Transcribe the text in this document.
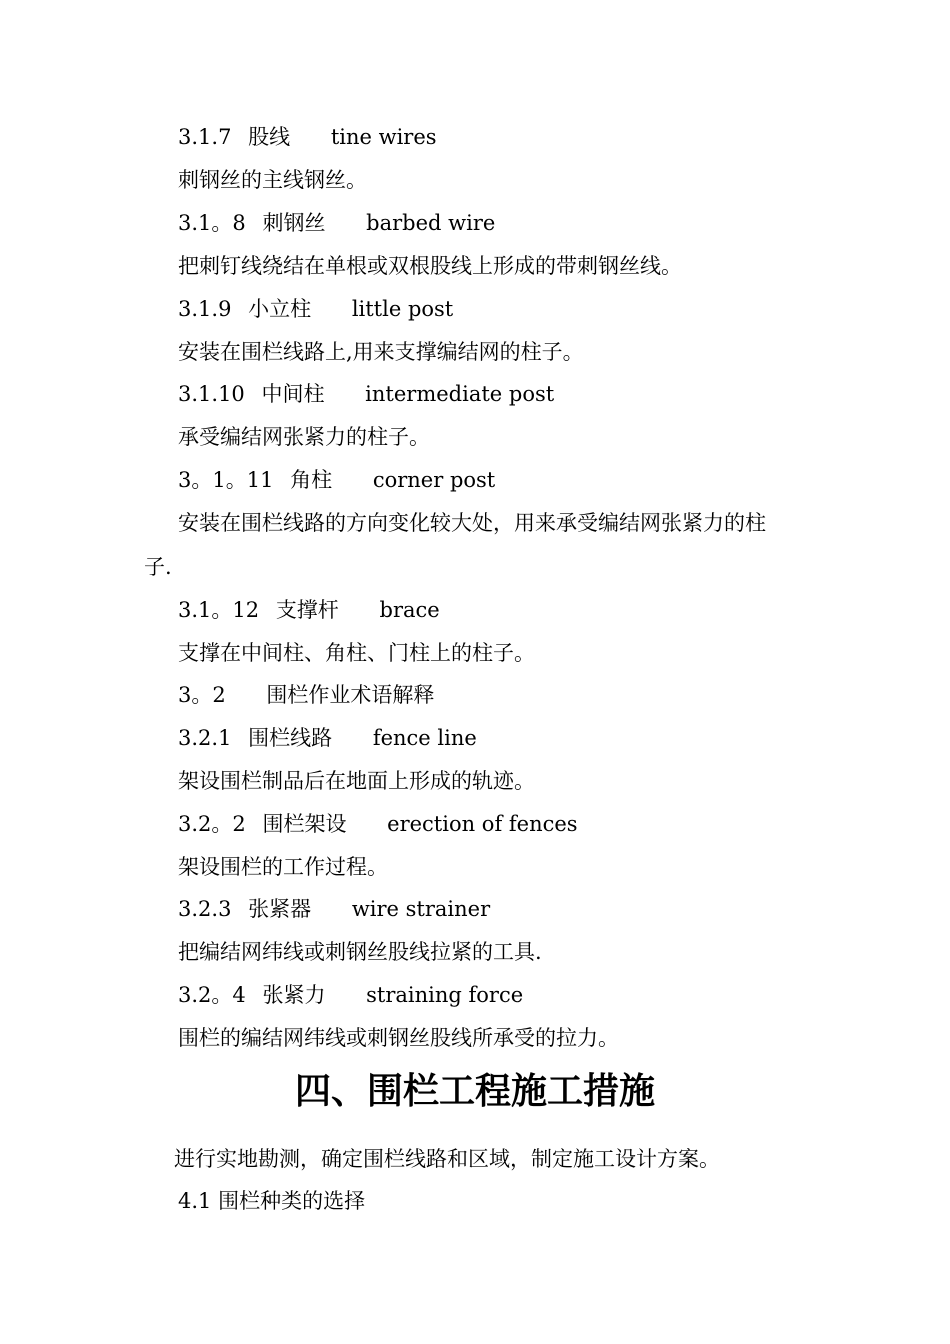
3.1.7 股线 tine wires
刺钢丝的主线钢丝。
3.1。8 刺钢丝 barbed wire
把刺钉线绕结在单根或双根股线上形成的带刺钢丝线。
3.1.9 小立柱 little post
安装在围栏线路上,用来支撑编结网的柱子。
3.1.10 中间柱 intermediate post
承受编结网张紧力的柱子。
3。1。11 角柱 corner post
安装在围栏线路的方向变化较大处，用来承受编结网张紧力的柱
子.
3.1。12 支撑杆 brace
支撑在中间柱、角柱、门柱上的柱子。
3。2 围栏作业术语解释
3.2.1 围栏线路 fence line
架设围栏制品后在地面上形成的轨迹。
3.2。2 围栏架设 erection of fences
架设围栏的工作过程。
3.2.3 张紧器 wire strainer
把编结网纬线或刺钢丝股线拉紧的工具.
3.2。4 张紧力 straining force
围栏的编结网纬线或刺钢丝股线所承受的拉力。
四、围栏工程施工措施
进行实地勘测，确定围栏线路和区域，制定施工设计方案。
4.1 围栏种类的选择
